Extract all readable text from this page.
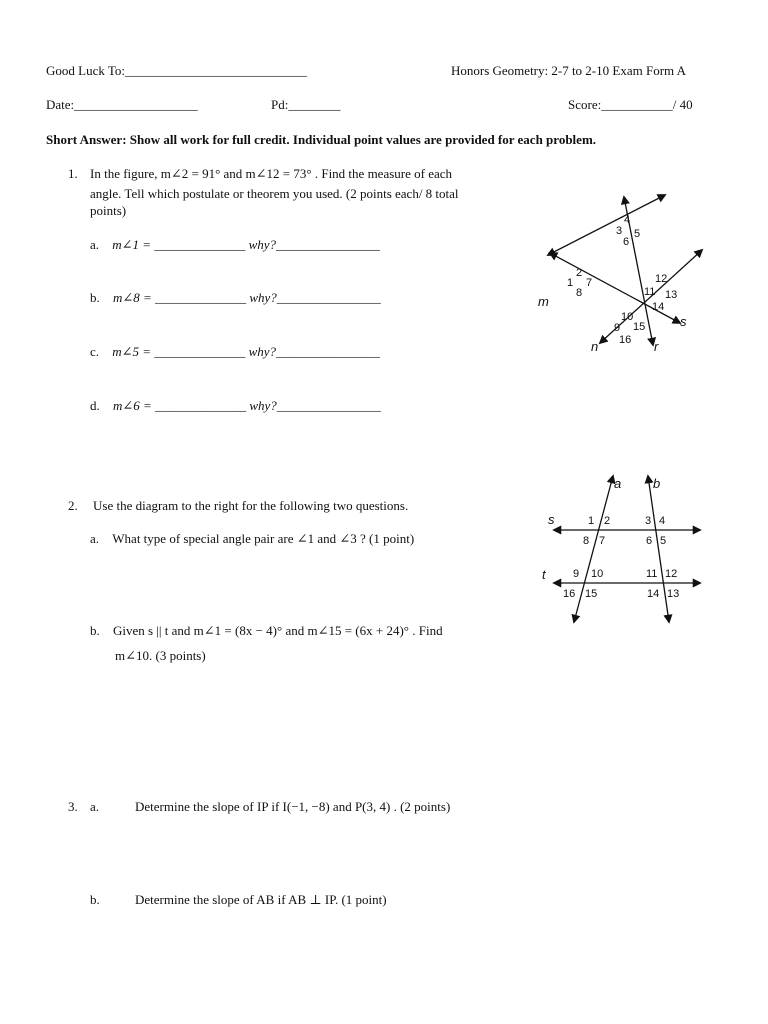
Good Luck To:____________________________	Honors Geometry: 2-7 to 2-10 Exam Form A
Date:___________________	Pd:________	Score:___________/ 40
Short Answer: Show all work for full credit. Individual point values are provided for each problem.
1. In the figure, m∠2 = 91° and m∠12 = 73° . Find the measure of each
angle. Tell which postulate or theorem you used. (2 points each/ 8 total
points)
a. m∠1 = ______________ why?________________
b. m∠8 = ______________ why?________________
c. m∠5 = ______________ why?________________
d. m∠6 = ______________ why?________________
4
3 5
6
2
1 7
8
12
11 13
14
10
9 15
16
m
n	r
s
2. Use the diagram to the right for the following two questions.
a. What type of special angle pair are ∠1 and ∠3 ? (1 point)
b. Given s || t and m∠1 = (8x − 4)° and m∠15 = (6x + 24)° . Find
m∠10. (3 points)
1 2
8 7
3 4
6 5
9 10
16 15
11 12
14 13
s
t
a b
3. a.	Determine the slope of IP if I(−1, −8) and P(3, 4) . (2 points)
b.	Determine the slope of AB if AB ⊥ IP. (1 point)
